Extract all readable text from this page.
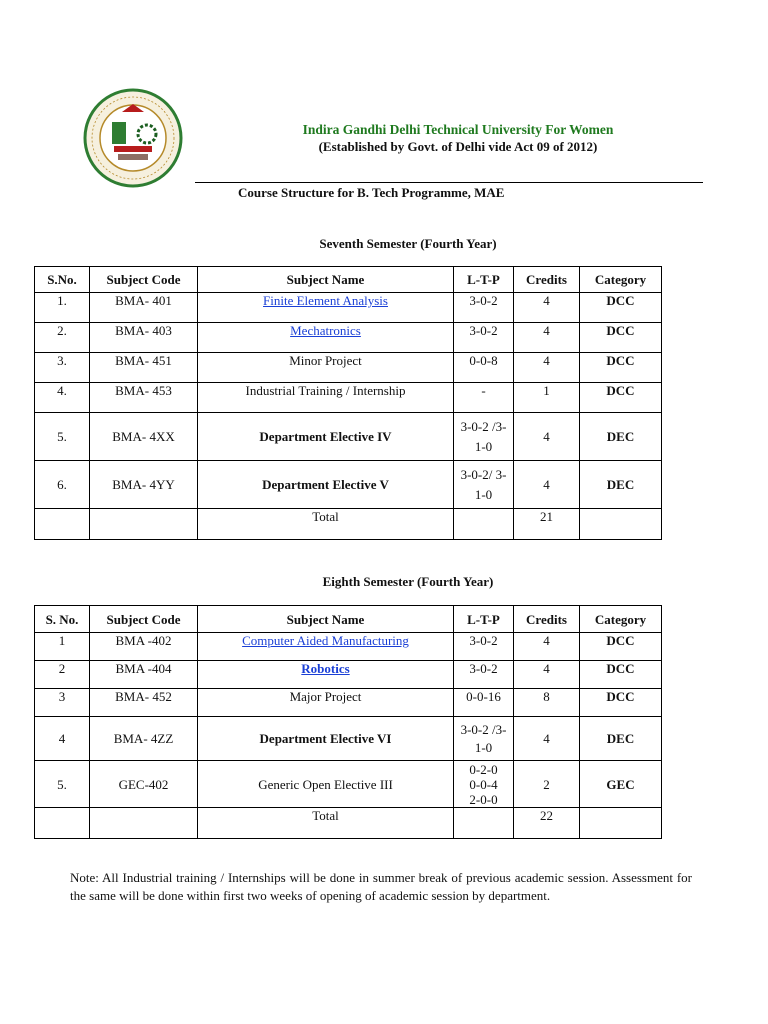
Indira Gandhi Delhi Technical University For Women
(Established by Govt. of Delhi vide Act 09 of 2012)
Course Structure for B. Tech Programme, MAE
Seventh Semester (Fourth Year)
S.No.	Subject Code	Subject Name	L-T-P	Credits	Category
1.	BMA- 401	Finite Element Analysis	3-0-2	4	DCC
2.	BMA- 403	Mechatronics	3-0-2	4	DCC
3.	BMA- 451	Minor Project	0-0-8	4	DCC
4.	BMA- 453	Industrial Training / Internship	-	1	DCC
5.	BMA- 4XX	Department Elective IV	3-0-2 /3-
1-0	4	DEC
6.	BMA- 4YY	Department Elective V	3-0-2/ 3-
1-0	4	DEC
		Total		21	
Eighth Semester (Fourth Year)
S. No.	Subject Code	Subject Name	L-T-P	Credits	Category
1	BMA -402	Computer Aided Manufacturing	3-0-2	4	DCC
2	BMA -404	Robotics	3-0-2	4	DCC
3	BMA- 452	Major Project	0-0-16	8	DCC
4	BMA- 4ZZ	Department Elective VI	3-0-2 /3-
1-0	4	DEC
5.	GEC-402	Generic Open Elective III	0-2-0
0-0-4
2-0-0	2	GEC
		Total		22	
Note: All Industrial training / Internships will be done in summer break of previous academic session. Assessment for the same will be done within first two weeks of opening of academic session by department.
